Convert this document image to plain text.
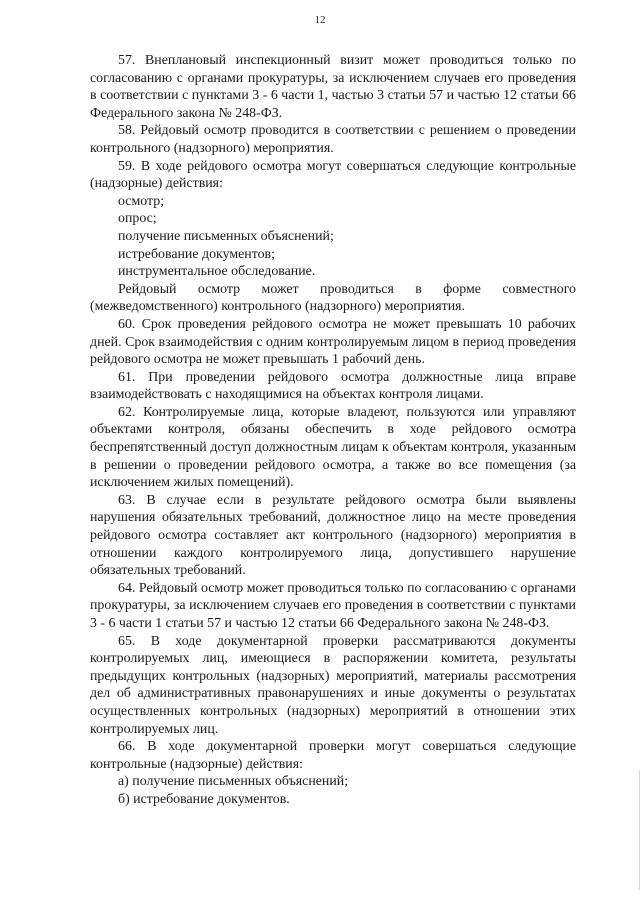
12

57. Внеплановый инспекционный визит может проводиться только по согласованию с органами прокуратуры, за исключением случаев его проведения в соответствии с пунктами 3 - 6 части 1, частью 3 статьи 57 и частью 12 статьи 66 Федерального закона № 248-ФЗ.

58. Рейдовый осмотр проводится в соответствии с решением о проведении контрольного (надзорного) мероприятия.

59. В ходе рейдового осмотра могут совершаться следующие контрольные (надзорные) действия:

осмотр;

опрос;

получение письменных объяснений;

истребование документов;

инструментальное обследование.

Рейдовый осмотр может проводиться в форме совместного (межведомственного) контрольного (надзорного) мероприятия.

60. Срок проведения рейдового осмотра не может превышать 10 рабочих дней. Срок взаимодействия с одним контролируемым лицом в период проведения рейдового осмотра не может превышать 1 рабочий день.

61. При проведении рейдового осмотра должностные лица вправе взаимодействовать с находящимися на объектах контроля лицами.

62. Контролируемые лица, которые владеют, пользуются или управляют объектами контроля, обязаны обеспечить в ходе рейдового осмотра беспрепятственный доступ должностным лицам к объектам контроля, указанным в решении о проведении рейдового осмотра, а также во все помещения (за исключением жилых помещений).

63. В случае если в результате рейдового осмотра были выявлены нарушения обязательных требований, должностное лицо на месте проведения рейдового осмотра составляет акт контрольного (надзорного) мероприятия в отношении каждого контролируемого лица, допустившего нарушение обязательных требований.

64. Рейдовый осмотр может проводиться только по согласованию с органами прокуратуры, за исключением случаев его проведения в соответствии с пунктами 3 - 6 части 1 статьи 57 и частью 12 статьи 66 Федерального закона № 248-ФЗ.

65. В ходе документарной проверки рассматриваются документы контролируемых лиц, имеющиеся в распоряжении комитета, результаты предыдущих контрольных (надзорных) мероприятий, материалы рассмотрения дел об административных правонарушениях и иные документы о результатах осуществленных контрольных (надзорных) мероприятий в отношении этих контролируемых лиц.

66. В ходе документарной проверки могут совершаться следующие контрольные (надзорные) действия:

а) получение письменных объяснений;

б) истребование документов.
